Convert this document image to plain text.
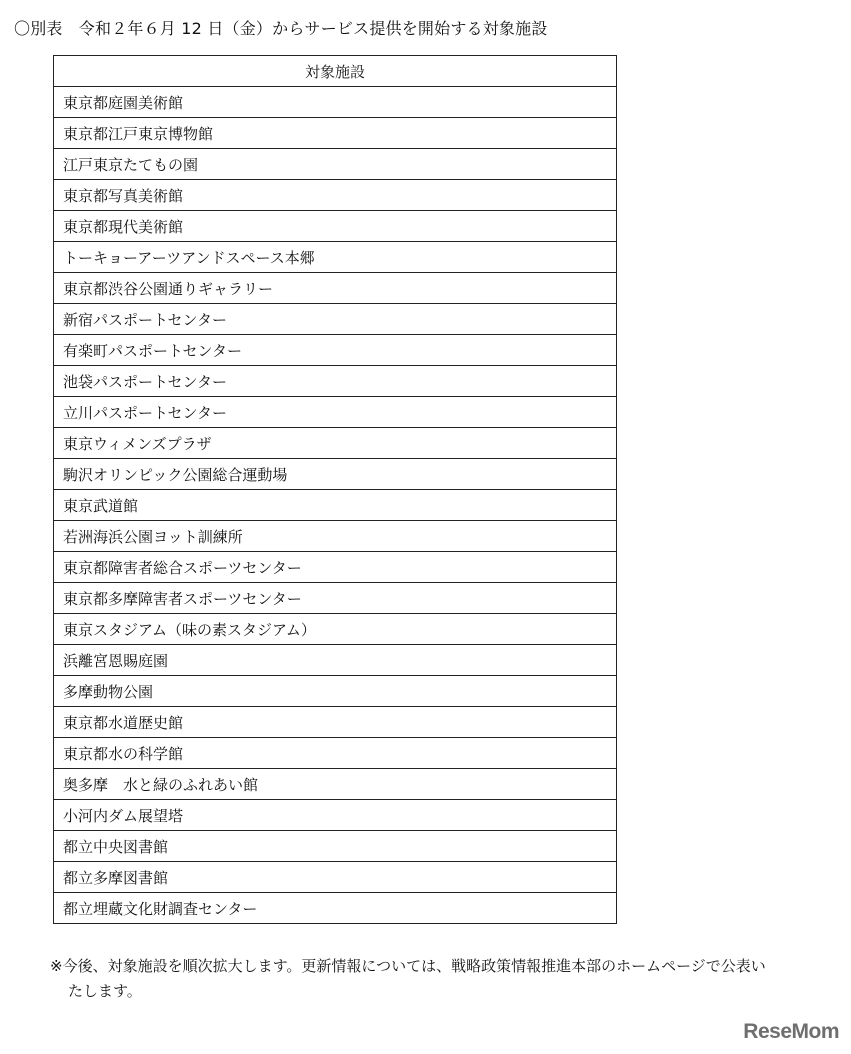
〇別表　令和２年６月 12 日（金）からサービス提供を開始する対象施設
対象施設
東京都庭園美術館
東京都江戸東京博物館
江戸東京たてもの園
東京都写真美術館
東京都現代美術館
トーキョーアーツアンドスペース本郷
東京都渋谷公園通りギャラリー
新宿パスポートセンター
有楽町パスポートセンター
池袋パスポートセンター
立川パスポートセンター
東京ウィメンズプラザ
駒沢オリンピック公園総合運動場
東京武道館
若洲海浜公園ヨット訓練所
東京都障害者総合スポーツセンター
東京都多摩障害者スポーツセンター
東京スタジアム（味の素スタジアム）
浜離宮恩賜庭園
多摩動物公園
東京都水道歴史館
東京都水の科学館
奥多摩　水と緑のふれあい館
小河内ダム展望塔
都立中央図書館
都立多摩図書館
都立埋蔵文化財調査センター
※今後、対象施設を順次拡大します。更新情報については、戦略政策情報推進本部のホームページで公表い
たします。
ReseMom
